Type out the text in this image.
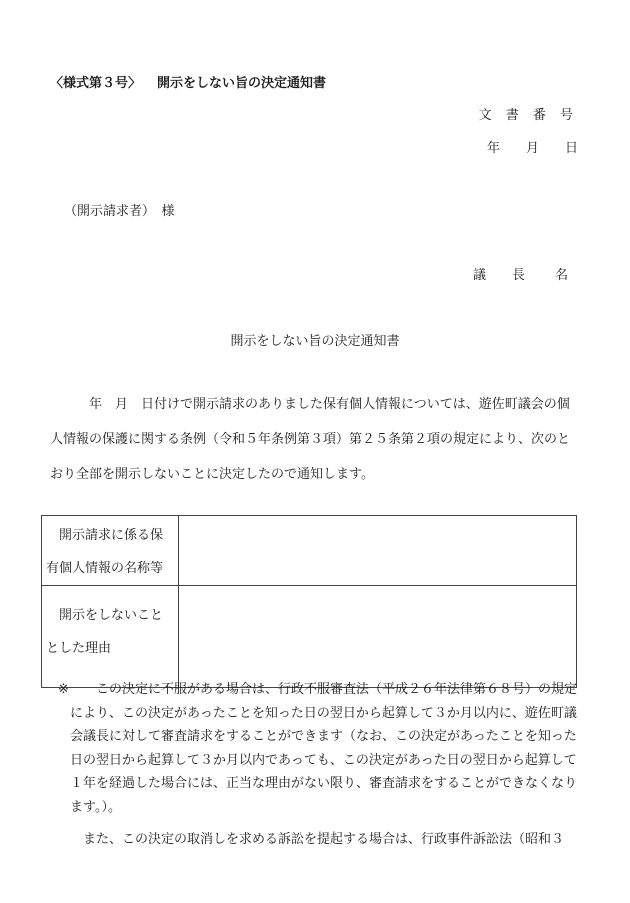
〈様式第３号〉 開示をしない旨の決定通知書
文 書 番 号
年 月 日
（開示請求者）　様
議 長 名
開示をしない旨の決定通知書

年　月　日付けで開示請求のありました保有個人情報については、遊佐町議会の個人情報の保護に関する条例（令和５年条例第３項）第２５条第２項の規定により、次のとおり全部を開示しないことに決定したので通知します。

開示請求に係る保
有個人情報の名称等	

開示をしないこと
とした理由	

※	この決定に不服がある場合は、行政不服審査法（平成２６年法律第６８号）の規定により、この決定があったことを知った日の翌日から起算して３か月以内に、遊佐町議会議長に対して審査請求をすることができます（なお、この決定があったことを知った日の翌日から起算して３か月以内であっても、この決定があった日の翌日から起算して１年を経過した場合には、正当な理由がない限り、審査請求をすることができなくなります。）。
また、この決定の取消しを求める訴訟を提起する場合は、行政事件訴訟法（昭和３
